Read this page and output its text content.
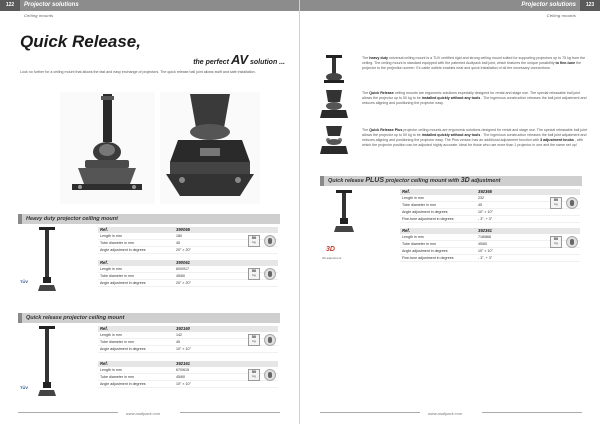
Projector solutions
122
Ceiling mounts
Quick Release,
the perfect AV solution ...
Look no further for a ceiling mount that allows the fast and easy exchange of projectors. The quick release ball joint allows swift and safe installation.
Heavy duty projector ceiling mount
TÜV
Ref.	390065
Length in mm	180
Tube diameter in mm	45
Angle adjustment in degrees	20° × 20°
50
kg
Ref.	390061
Length in mm	600/917
Tube diameter in mm	45/60
Angle adjustment in degrees	20° × 20°
50
kg
Quick release projector ceiling mount
TÜV
Ref.	392160
Length in mm	142
Tube diameter in mm	45
Angle adjustment in degrees	10° × 10°
50
kg
Ref.	392161
Length in mm	670/615
Tube diameter in mm	45/60
Angle adjustment in degrees	10° × 10°
50
kg
www.audipack.com
Projector solutions	123
Ceiling mounts
The heavy duty universal ceiling mount is a TUV certified rigid and strong ceiling mount suited for supporting projectors up to 75 kg from the ceiling. The ceiling mount is standard equipped with the patented Audipack ball joint, which features the unique possibility to fine-tune the projector to the projection screen. Ex cable outlets enables neat and quick installation of all the necessary connections.
The Quick Release ceiling mounts are ergonomic solutions especially designed for rental and stage use. The special releasable ball joint allows the projector up to 50 kg to be installed quickly without any tools . The ingenious construction releases the ball joint adjustment and reduces aligning and positioning the projector easy.
The Quick Release Plus projector ceiling mounts are ergonomic solutions designed for rental and stage use. The special releasable ball joint allows the projector up to 50 kg to be installed quickly without any tools . The ingenious construction releases the ball joint adjustment and reduces aligning and positioning the projector easy. The Plus version has an additional adjustment function with 3 adjustment knobs , with which the projector position can be adjusted highly accurate. Ideal for those who use more than 1 projector in one and the same set up!
Quick release PLUS projector ceiling mount with 3D adjustment
3D
3D adjustment
Ref.	392365
Length in mm	232
Tube diameter in mm	45
Angle adjustment in degrees	10° × 10°
Fine-tune adjustment in degrees	- 3°, + 3°
50
kg
Ref.	392361
Length in mm	718/866
Tube diameter in mm	45/60
Angle adjustment in degrees	10° × 10°
Fine-tune adjustment in degrees	- 3°, + 3°
50
kg
www.audipack.com
